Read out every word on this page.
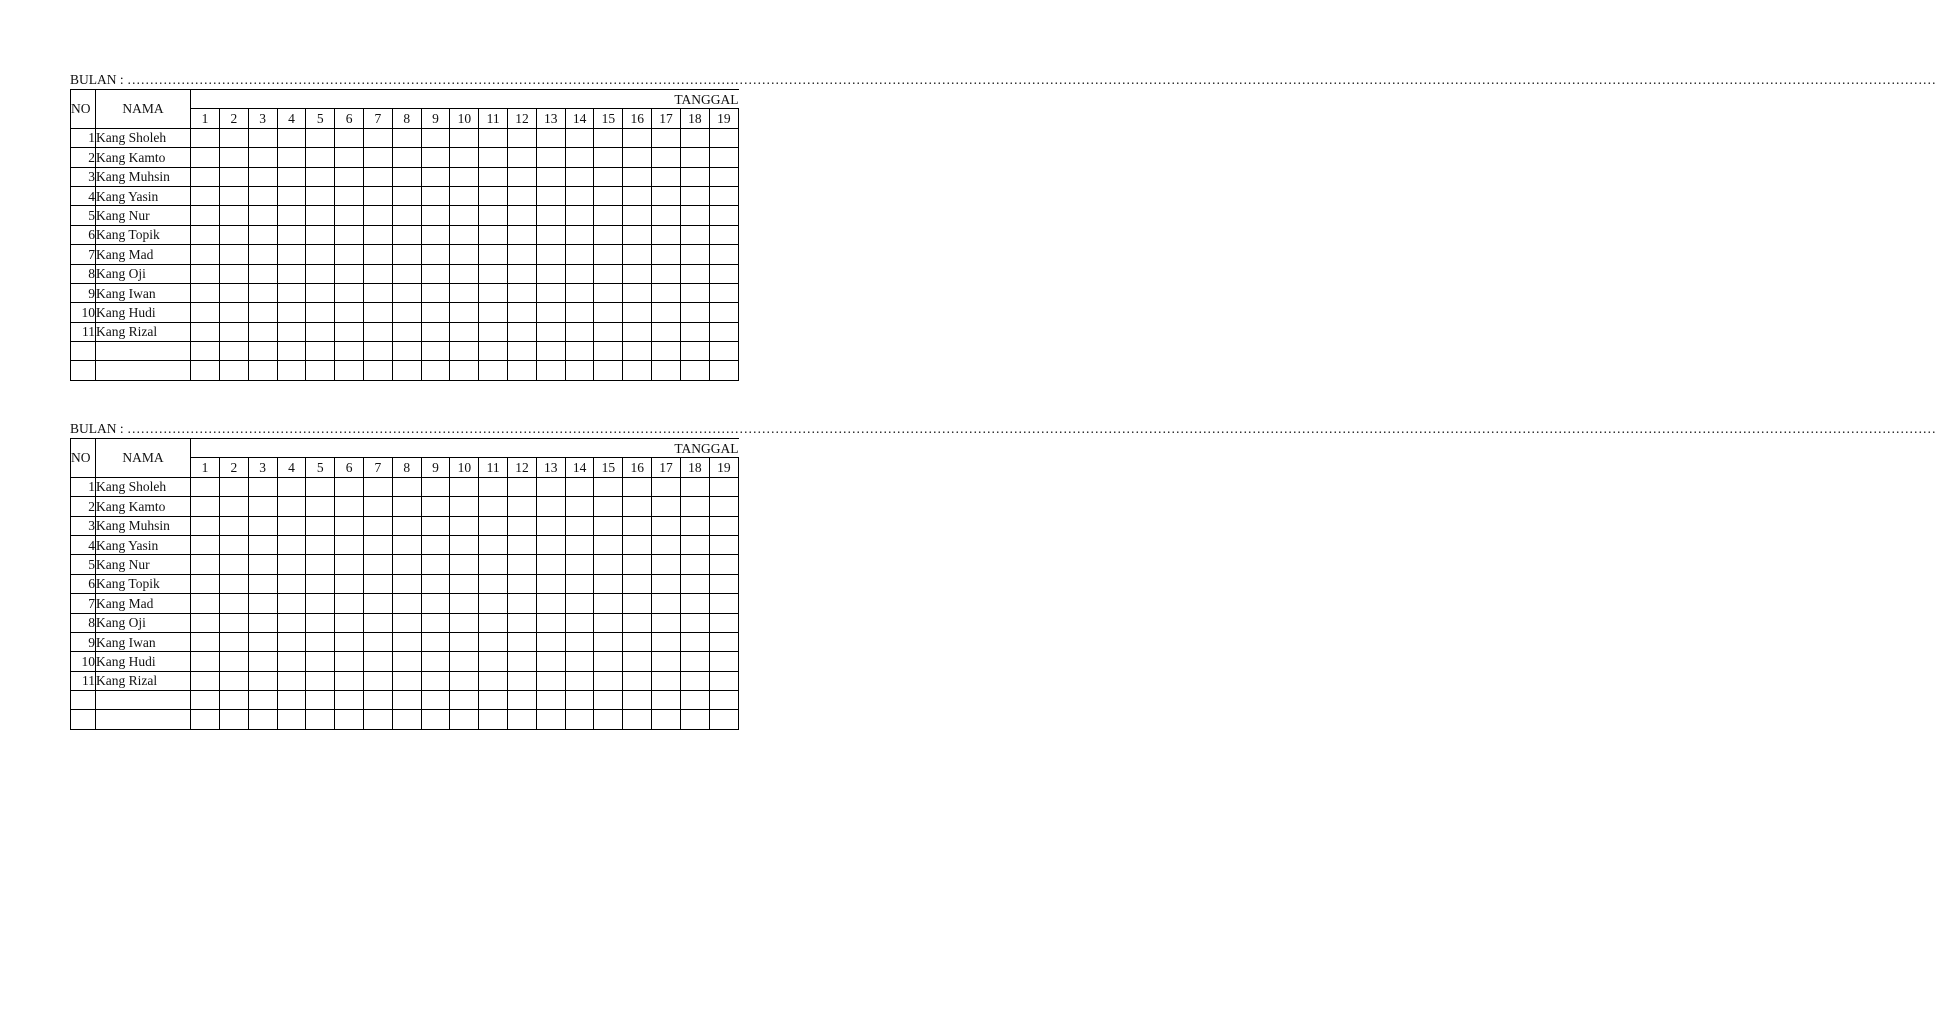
BULAN : ……………………………………………………………………………………………………………………………………………………………………………………………………………………………………………………………………………………………………………………………………………………………………
NO	NAMA	TANGGAL																		
		1	2	3	4	5	6	7	8	9	10	11	12	13	14	15	16	17	18	19
1	Kang Sholeh																			
2	Kang Kamto																			
3	Kang Muhsin																			
4	Kang Yasin																			
5	Kang Nur																			
6	Kang Topik																			
7	Kang Mad																			
8	Kang Oji																			
9	Kang Iwan																			
10	Kang Hudi																			
11	Kang Rizal																			

BULAN : ……………………………………………………………………………………………………………………………………………………………………………………………………………………………………………………………………………………………………………………………………………………………………
NO	NAMA	TANGGAL																		
		1	2	3	4	5	6	7	8	9	10	11	12	13	14	15	16	17	18	19
1	Kang Sholeh																			
2	Kang Kamto																			
3	Kang Muhsin																			
4	Kang Yasin																			
5	Kang Nur																			
6	Kang Topik																			
7	Kang Mad																			
8	Kang Oji																			
9	Kang Iwan																			
10	Kang Hudi																			
11	Kang Rizal																			
